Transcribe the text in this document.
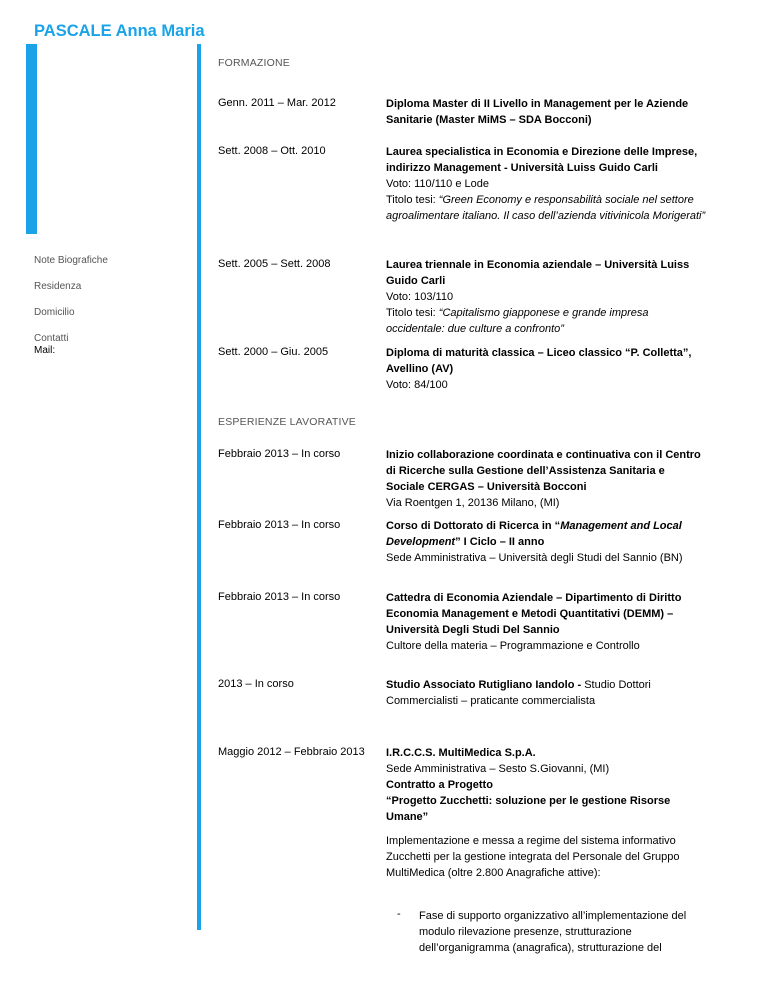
PASCALE Anna Maria
Note Biografiche
Residenza
Domicilio
Contatti
Mail:
FORMAZIONE
Genn. 2011 – Mar. 2012	Diploma Master di II Livello in Management per le Aziende Sanitarie (Master MiMS – SDA Bocconi)
Sett. 2008 – Ott. 2010	Laurea specialistica in Economia e Direzione delle Imprese, indirizzo Management - Università Luiss Guido Carli
Voto: 110/110 e Lode
Titolo tesi: “Green Economy e responsabilità sociale nel settore agroalimentare italiano. Il caso dell’azienda vitivinicola Morigerati”
Sett. 2005 – Sett. 2008	Laurea triennale in Economia aziendale – Università Luiss Guido Carli
Voto: 103/110
Titolo tesi: “Capitalismo giapponese e grande impresa occidentale: due culture a confronto”
Sett. 2000 – Giu. 2005	Diploma di maturità classica – Liceo classico “P. Colletta”, Avellino (AV)
Voto: 84/100
ESPERIENZE LAVORATIVE
Febbraio 2013 – In corso	Inizio collaborazione coordinata e continuativa con il Centro di Ricerche sulla Gestione dell’Assistenza Sanitaria e Sociale CERGAS – Università Bocconi
Via Roentgen 1, 20136 Milano, (MI)
Febbraio 2013 – In corso	Corso di Dottorato di Ricerca in “Management and Local Development” I Ciclo – II anno
Sede Amministrativa – Università degli Studi del Sannio (BN)
Febbraio 2013 – In corso	Cattedra di Economia Aziendale – Dipartimento di Diritto Economia Management e Metodi Quantitativi (DEMM) – Università Degli Studi Del Sannio
Cultore della materia – Programmazione e Controllo
2013 – In corso	Studio Associato Rutigliano Iandolo - Studio Dottori Commercialisti – praticante commercialista
Maggio 2012 – Febbraio 2013 I.R.C.C.S. MultiMedica S.p.A.
Sede Amministrativa – Sesto S.Giovanni, (MI)
Contratto a Progetto
“Progetto Zucchetti: soluzione per le gestione Risorse Umane”
Implementazione e messa a regime del sistema informativo Zucchetti per la gestione integrata del Personale del Gruppo MultiMedica (oltre 2.800 Anagrafiche attive):
- Fase di supporto organizzativo all’implementazione del modulo rilevazione presenze, strutturazione dell’organigramma (anagrafica), strutturazione del
